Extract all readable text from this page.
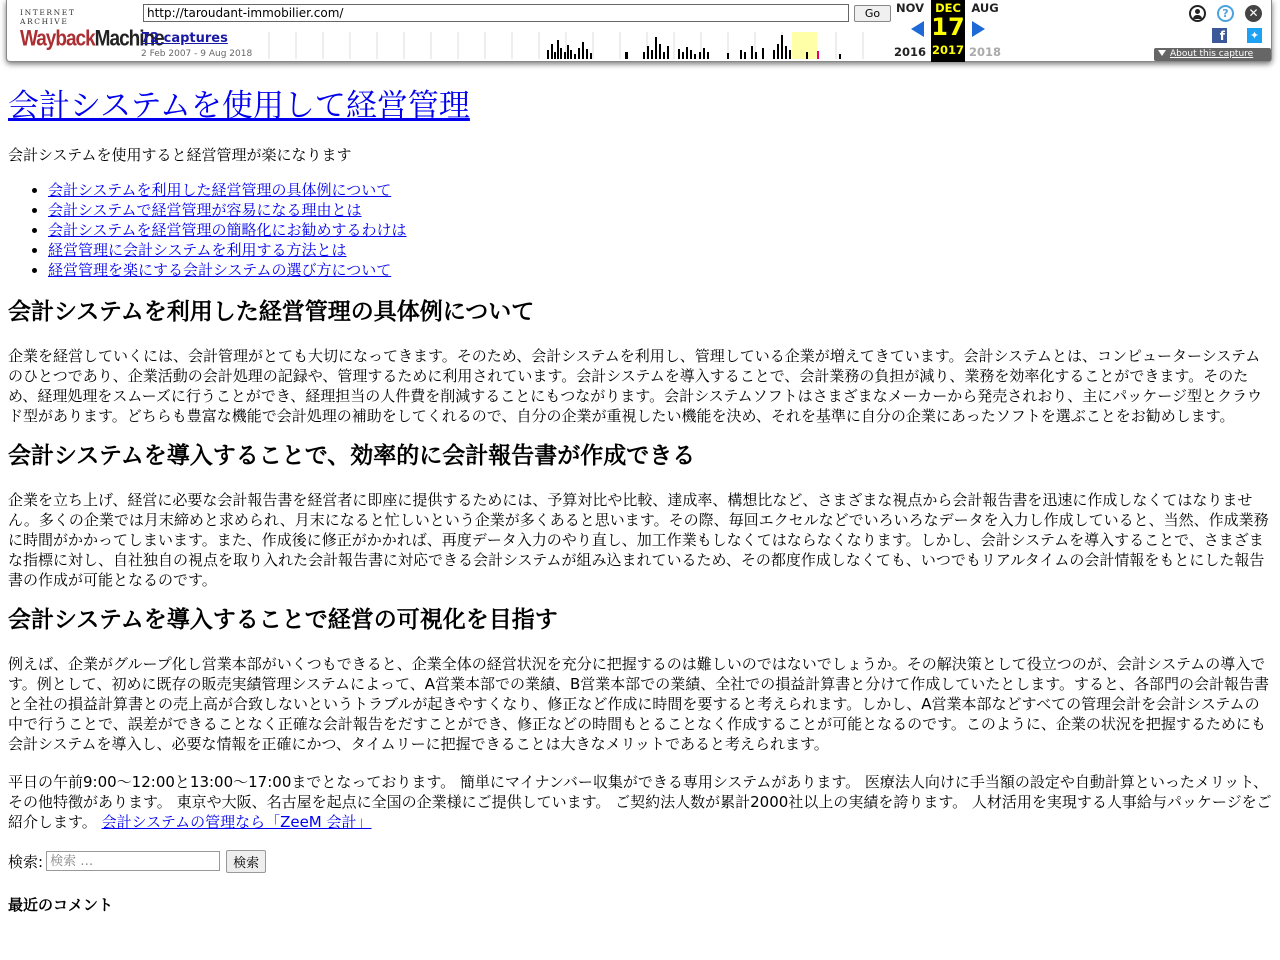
INTERNET ARCHIVE
WaybackMachine
http://taroudant-immobilier.com/	Go
72 captures
2 Feb 2007 - 9 Aug 2018
NOV DEC
17
2017
AUG
2016	2018
?	✕
f ✦
About this capture
会計システムを使用して経営管理

会計システムを使用すると経営管理が楽になります

• 会計システムを利用した経営管理の具体例について
• 会計システムで経営管理が容易になる理由とは
• 会計システムを経営管理の簡略化にお勧めするわけは
• 経営管理に会計システムを利用する方法とは
• 経営管理を楽にする会計システムの選び方について
会計システムを利用した経営管理の具体例について

企業を経営していくには、会計管理がとても大切になってきます。そのため、会計システムを利用し、管理している企業が増えてきています。会計システムとは、コンピューターシステムのひとつであり、企業活動の会計処理の記録や、管理するために利用されています。会計システムを導入することで、会計業務の負担が減り、業務を効率化することができます。そのため、経理処理をスムーズに行うことができ、経理担当の人件費を削減することにもつながります。会計システムソフトはさまざまなメーカーから発売されおり、主にパッケージ型とクラウド型があります。どちらも豊富な機能で会計処理の補助をしてくれるので、自分の企業が重視したい機能を決め、それを基準に自分の企業にあったソフトを選ぶことをお勧めします。

会計システムを導入することで、効率的に会計報告書が作成できる

企業を立ち上げ、経営に必要な会計報告書を経営者に即座に提供するためには、予算対比や比較、達成率、構想比など、さまざまな視点から会計報告書を迅速に作成しなくてはなりません。多くの企業では月末締めと求められ、月末になると忙しいという企業が多くあると思います。その際、毎回エクセルなどでいろいろなデータを入力し作成していると、当然、作成業務に時間がかかってしまいます。また、作成後に修正がかかれば、再度データ入力のやり直し、加工作業もしなくてはならなくなります。しかし、会計システムを導入することで、さまざまな指標に対し、自社独自の視点を取り入れた会計報告書に対応できる会計システムが組み込まれているため、その都度作成しなくても、いつでもリアルタイムの会計情報をもとにした報告書の作成が可能となるのです。

会計システムを導入することで経営の可視化を目指す

例えば、企業がグループ化し営業本部がいくつもできると、企業全体の経営状況を充分に把握するのは難しいのではないでしょうか。その解決策として役立つのが、会計システムの導入です。例として、初めに既存の販売実績管理システムによって、A営業本部での業績、B営業本部での業績、全社での損益計算書と分けて作成していたとします。すると、各部門の会計報告書と全社の損益計算書との売上高が合致しないというトラブルが起きやすくなり、修正など作成に時間を要すると考えられます。しかし、A営業本部などすべての管理会計を会計システムの中で行うことで、誤差ができることなく正確な会計報告をだすことができ、修正などの時間もとることなく作成することが可能となるのです。このように、企業の状況を把握するためにも会計システムを導入し、必要な情報を正確にかつ、タイムリーに把握できることは大きなメリットであると考えられます。

平日の午前9:00～12:00と13:00～17:00までとなっております。 簡単にマイナンバー収集ができる専用システムがあります。 医療法人向けに手当額の設定や自動計算といったメリット、その他特徴があります。 東京や大阪、名古屋を起点に全国の企業様にご提供しています。 ご契約法人数が累計2000社以上の実績を誇ります。 人材活用を実現する人事給与パッケージをご紹介します。 会計システムの管理なら「ZeeM 会計」

検索:
検索 …	検索
最近のコメント
